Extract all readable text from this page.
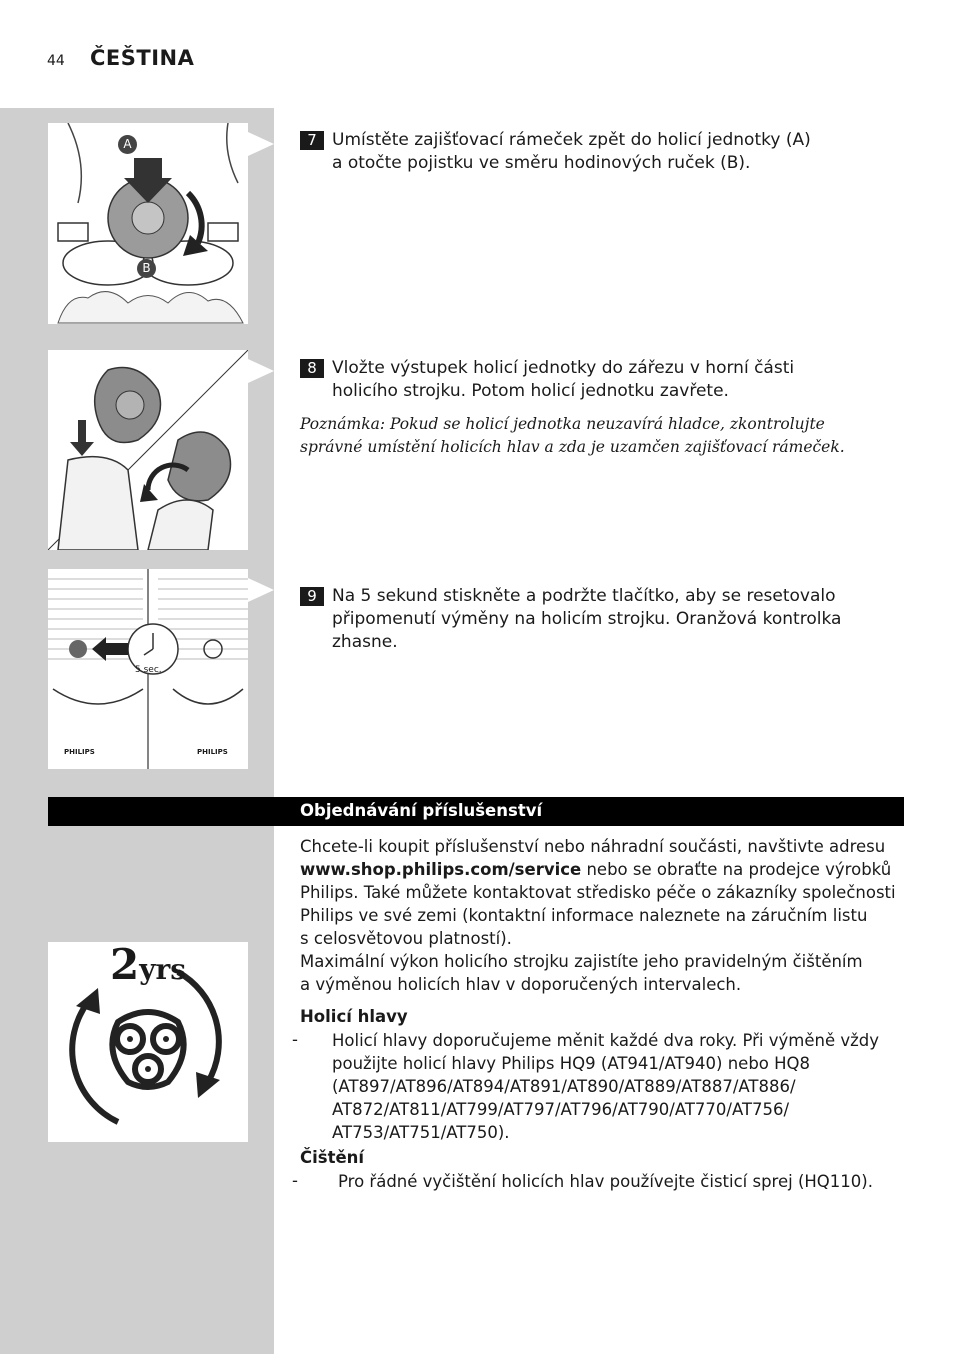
44 ČEŠTINA
A
B
7 Umístěte zajišťovací rámeček zpět do holicí jednotky (A)
a otočte pojistku ve směru hodinových ruček (B).
8 Vložte výstupek holicí jednotky do zářezu v horní části
holicího strojku. Potom holicí jednotku zavřete.
Poznámka: Pokud se holicí jednotka neuzavírá hladce, zkontrolujte
správné umístění holicích hlav a zda je uzamčen zajišťovací rámeček.
5 sec.
PHILIPS	PHILIPS
9 Na 5 sekund stiskněte a podržte tlačítko, aby se resetovalo
připomenutí výměny na holicím strojku. Oranžová kontrolka zhasne.
Objednávání příslušenství
2yrs
Chcete-li koupit příslušenství nebo náhradní součásti, navštivte adresu
www.shop.philips.com/service nebo se obraťte na prodejce výrobků
Philips. Také můžete kontaktovat středisko péče o zákazníky společnosti
Philips ve své zemi (kontaktní informace naleznete na záručním listu
s celosvětovou platností).
Maximální výkon holicího strojku zajistíte jeho pravidelným čištěním
a výměnou holicích hlav v doporučených intervalech.
Holicí hlavy
- Holicí hlavy doporučujeme měnit každé dva roky. Při výměně vždy
použijte holicí hlavy Philips HQ9 (AT941/AT940) nebo HQ8
(AT897/AT896/AT894/AT891/AT890/AT889/AT887/AT886/
AT872/AT811/AT799/AT797/AT796/AT790/AT770/AT756/
AT753/AT751/AT750).
Čištění
- Pro řádné vyčištění holicích hlav používejte čisticí sprej (HQ110).
